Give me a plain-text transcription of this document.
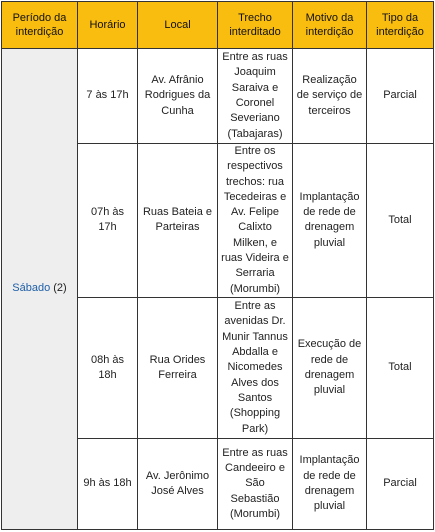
Período da interdição	Horário	Local	Trecho interditado	Motivo da interdição	Tipo da interdição
Sábado (2)	7 às 17h	Av. Afrânio Rodrigues da Cunha	Entre as ruas Joaquim Saraiva e Coronel Severiano (Tabajaras)	Realização de serviço de terceiros	Parcial
	07h às 17h	Ruas Bateia e Parteiras	Entre os respectivos trechos: rua Tecedeiras e Av. Felipe Calixto Milken, e ruas Videira e Serraria (Morumbi)	Implantação de rede de drenagem pluvial	Total
	08h às 18h	Rua Orides Ferreira	Entre as avenidas Dr. Munir Tannus Abdalla e Nicomedes Alves dos Santos (Shopping Park)	Execução de rede de drenagem pluvial	Total
	9h às 18h	Av. Jerônimo José Alves	Entre as ruas Candeeiro e São Sebastião (Morumbi)	Implantação de rede de drenagem pluvial	Parcial
